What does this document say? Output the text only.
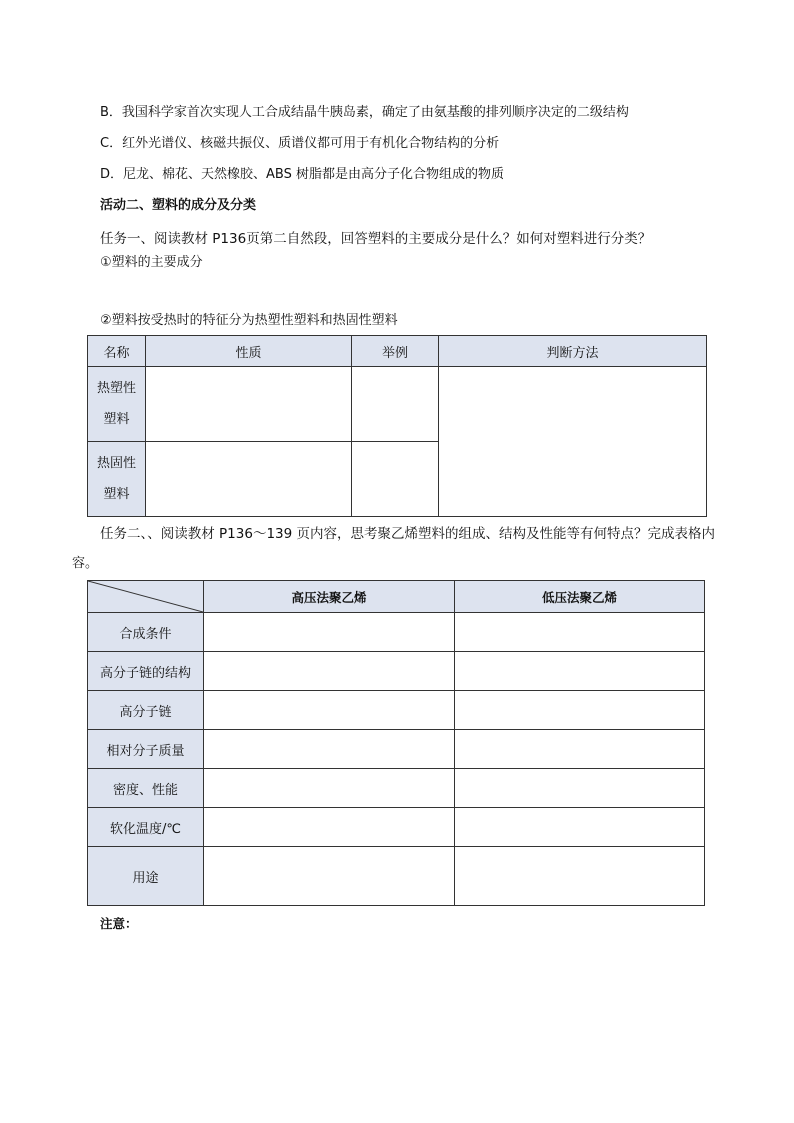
B．我国科学家首次实现人工合成结晶牛胰岛素，确定了由氨基酸的排列顺序决定的二级结构
C．红外光谱仪、核磁共振仪、质谱仪都可用于有机化合物结构的分析
D．尼龙、棉花、天然橡胶、ABS 树脂都是由高分子化合物组成的物质
活动二、塑料的成分及分类
任务一、阅读教材 P136页第二自然段，回答塑料的主要成分是什么？如何对塑料进行分类？
①塑料的主要成分
②塑料按受热时的特征分为热塑性塑料和热固性塑料
名称	性质	举例	判断方法
热塑性
塑料			
热固性
塑料			
任务二、、阅读教材 P136～139 页内容，思考聚乙烯塑料的组成、结构及性能等有何特点？完成表格内
容。
	高压法聚乙烯	低压法聚乙烯
合成条件		
高分子链的结构		
高分子链		
相对分子质量		
密度、性能		
软化温度/℃		
用途		
注意：
